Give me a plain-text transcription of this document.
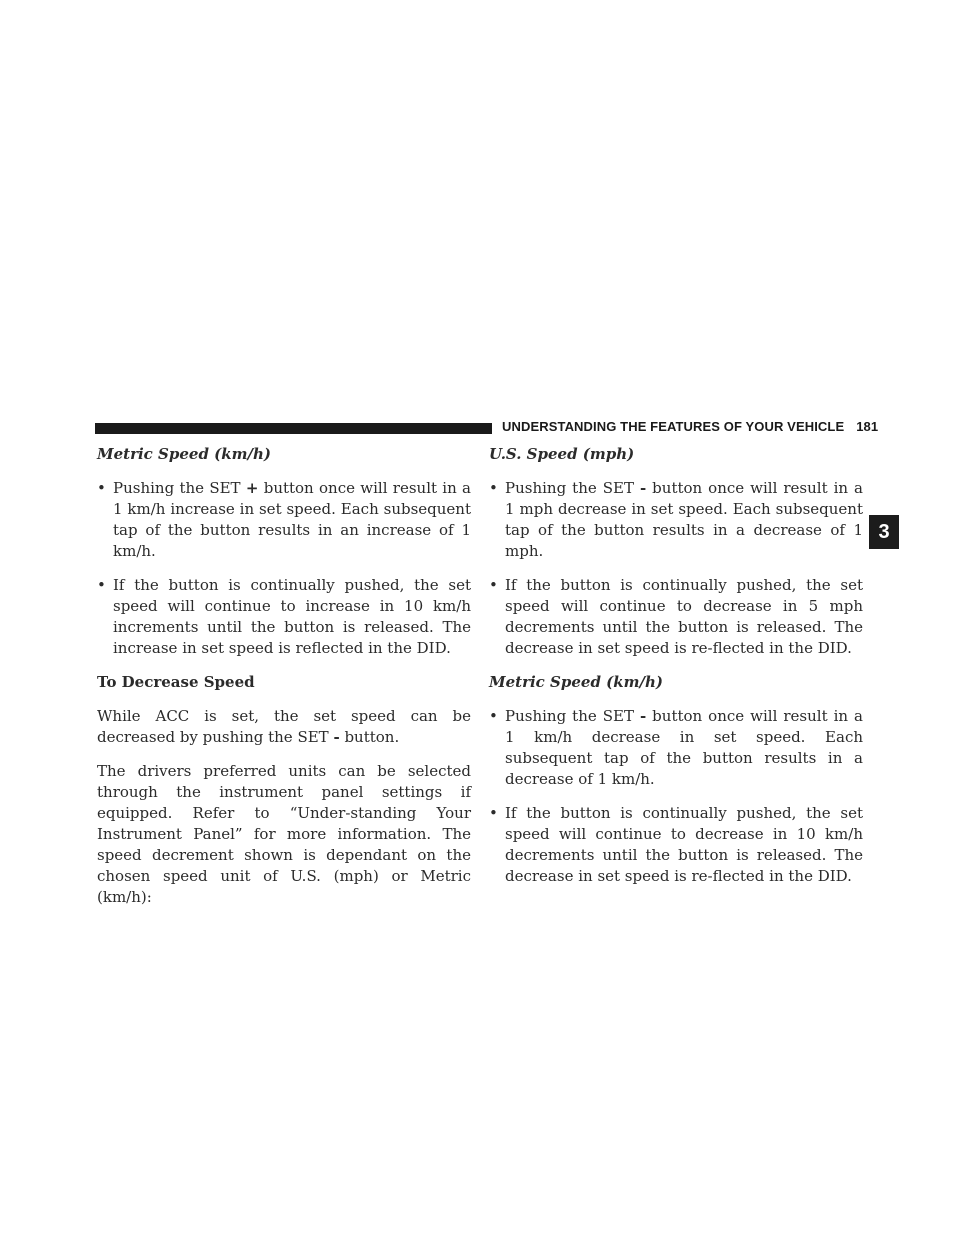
UNDERSTANDING THE FEATURES OF YOUR VEHICLE 181
3
Metric Speed (km/h)
• Pushing the SET + button once will result in a 1 km/h increase in set speed. Each subsequent tap of the button results in an increase of 1 km/h.
• If the button is continually pushed, the set speed will continue to increase in 10 km/h increments until the button is released. The increase in set speed is reflected in the DID.
To Decrease Speed

While ACC is set, the set speed can be decreased by pushing the SET - button.

The drivers preferred units can be selected through the instrument panel settings if equipped. Refer to “Under-standing Your Instrument Panel” for more information. The speed decrement shown is dependant on the chosen speed unit of U.S. (mph) or Metric (km/h):

U.S. Speed (mph)
• Pushing the SET - button once will result in a 1 mph decrease in set speed. Each subsequent tap of the button results in a decrease of 1 mph.
• If the button is continually pushed, the set speed will continue to decrease in 5 mph decrements until the button is released. The decrease in set speed is re-flected in the DID.
Metric Speed (km/h)
• Pushing the SET - button once will result in a 1 km/h decrease in set speed. Each subsequent tap of the button results in a decrease of 1 km/h.
• If the button is continually pushed, the set speed will continue to decrease in 10 km/h decrements until the button is released. The decrease in set speed is re-flected in the DID.
